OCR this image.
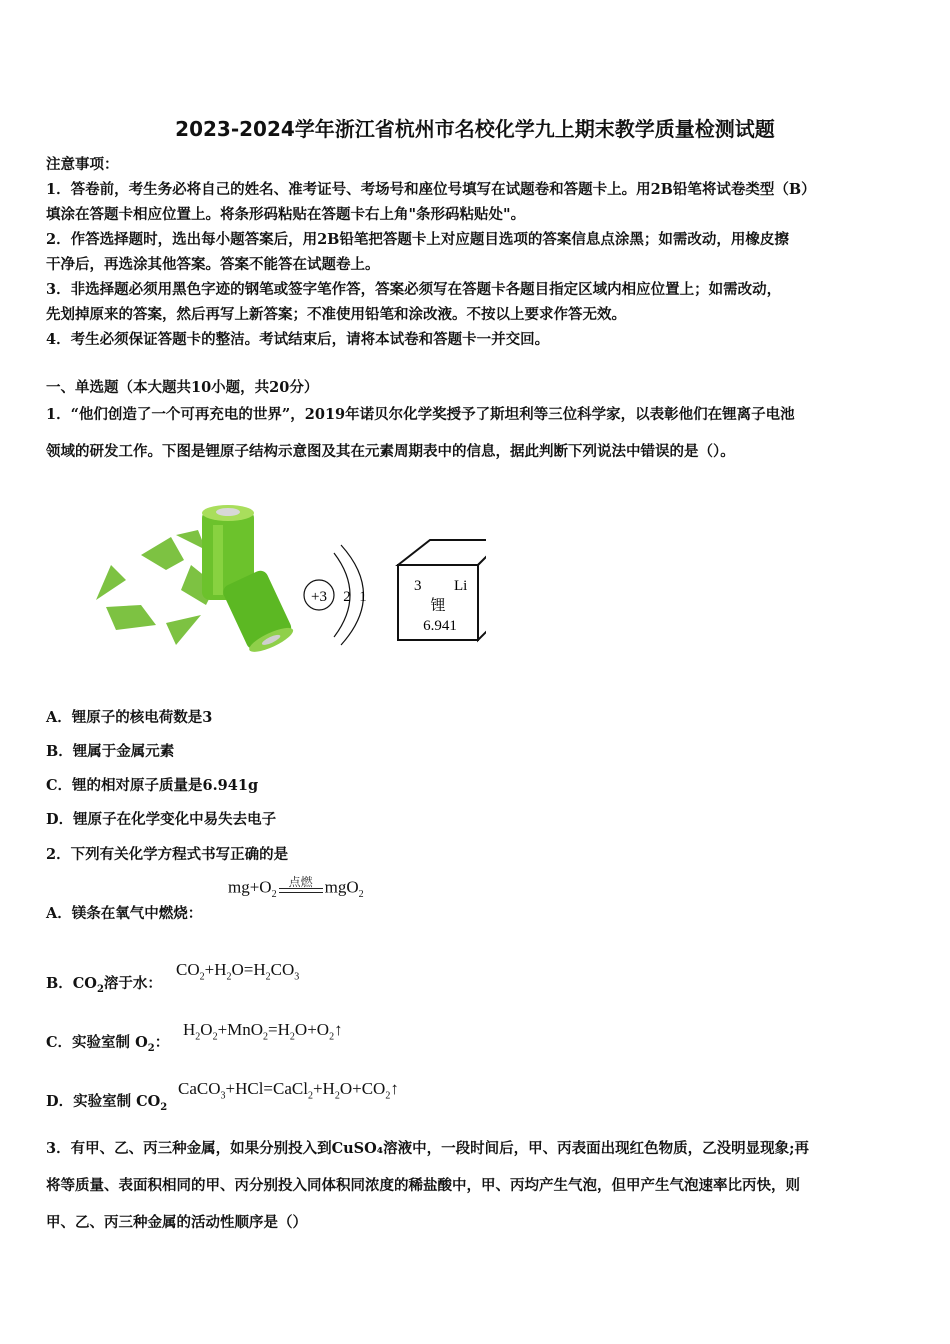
2023-2024学年浙江省杭州市名校化学九上期末教学质量检测试题
注意事项：
1．答卷前，考生务必将自己的姓名、准考证号、考场号和座位号填写在试题卷和答题卡上。用2B铅笔将试卷类型（B）
填涂在答题卡相应位置上。将条形码粘贴在答题卡右上角"条形码粘贴处"。
2．作答选择题时，选出每小题答案后，用2B铅笔把答题卡上对应题目选项的答案信息点涂黑；如需改动，用橡皮擦
干净后，再选涂其他答案。答案不能答在试题卷上。
3．非选择题必须用黑色字迹的钢笔或签字笔作答，答案必须写在答题卡各题目指定区域内相应位置上；如需改动，
先划掉原来的答案，然后再写上新答案；不准使用铅笔和涂改液。不按以上要求作答无效。
4．考生必须保证答题卡的整洁。考试结束后，请将本试卷和答题卡一并交回。
一、单选题（本大题共10小题，共20分）
1．“他们创造了一个可再充电的世界”，2019年诺贝尔化学奖授予了斯坦利等三位科学家，以表彰他们在锂离子电池
领域的研发工作。下图是锂原子结构示意图及其在元素周期表中的信息，据此判断下列说法中错误的是（）。
+3 2 1
3 Li
锂
6.941
A．锂原子的核电荷数是3
B．锂属于金属元素
C．锂的相对原子质量是6.941g
D．锂原子在化学变化中易失去电子
2．下列有关化学方程式书写正确的是
A．镁条在氧气中燃烧：
$mg+O_2$
点燃 mgO$_2$
B．$CO_2$溶于水：
$CO_2+H_2O=H_2CO_3$
C．实验室制 $O_2$：
$H_2O_2+MnO_2=H_2O+O_2↑$
D．实验室制 $CO_2$
$CaCO_3+HCl=CaCl_2+H_2O+CO_2↑$
3．有甲、乙、丙三种金属，如果分别投入到CuSO₄溶液中，一段时间后，甲、丙表面出现红色物质，乙没明显现象;再
将等质量、表面积相同的甲、丙分别投入同体积同浓度的稀盐酸中，甲、丙均产生气泡，但甲产生气泡速率比丙快，则
甲、乙、丙三种金属的活动性顺序是（）
